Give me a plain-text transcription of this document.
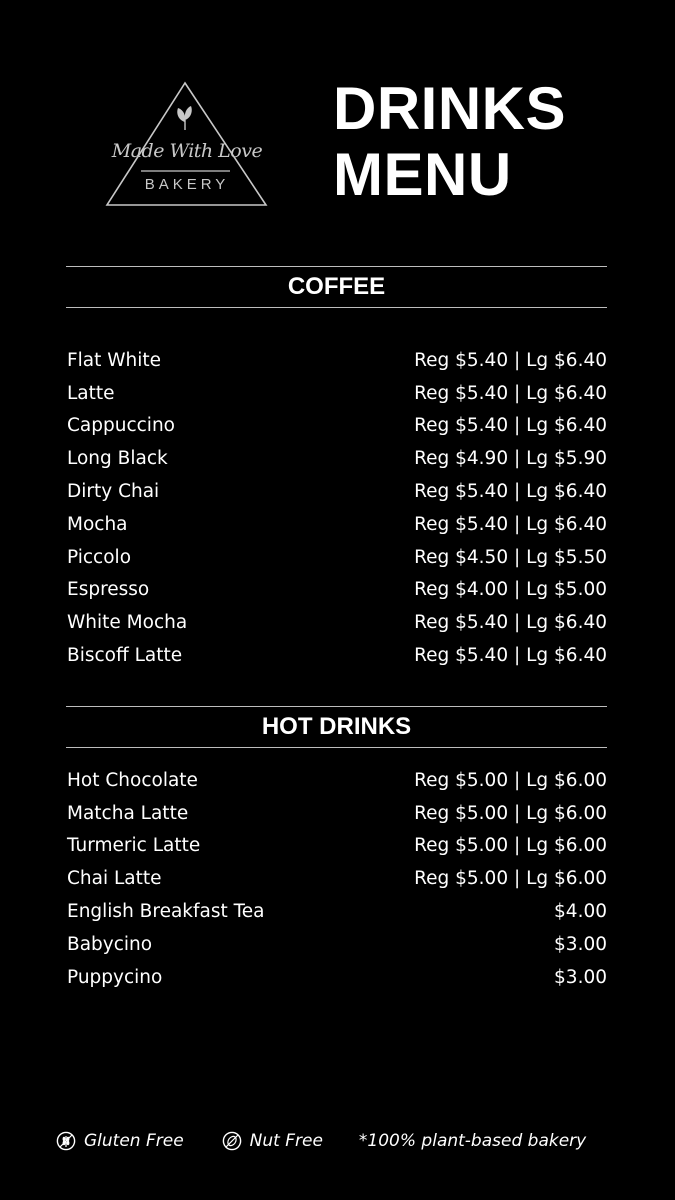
Made With Love
BAKERY
DRINKS
MENU
COFFEE
Flat White	Reg $5.40 | Lg $6.40
Latte	Reg $5.40 | Lg $6.40
Cappuccino	Reg $5.40 | Lg $6.40
Long Black	Reg $4.90 | Lg $5.90
Dirty Chai	Reg $5.40 | Lg $6.40
Mocha	Reg $5.40 | Lg $6.40
Piccolo	Reg $4.50 | Lg $5.50
Espresso	Reg $4.00 | Lg $5.00
White Mocha	Reg $5.40 | Lg $6.40
Biscoff Latte	Reg $5.40 | Lg $6.40
HOT DRINKS
Hot Chocolate	Reg $5.00 | Lg $6.00
Matcha Latte	Reg $5.00 | Lg $6.00
Turmeric Latte	Reg $5.00 | Lg $6.00
Chai Latte	Reg $5.00 | Lg $6.00
English Breakfast Tea	$4.00
Babycino	$3.00
Puppycino	$3.00
Gluten Free	Nut Free *100% plant-based bakery
